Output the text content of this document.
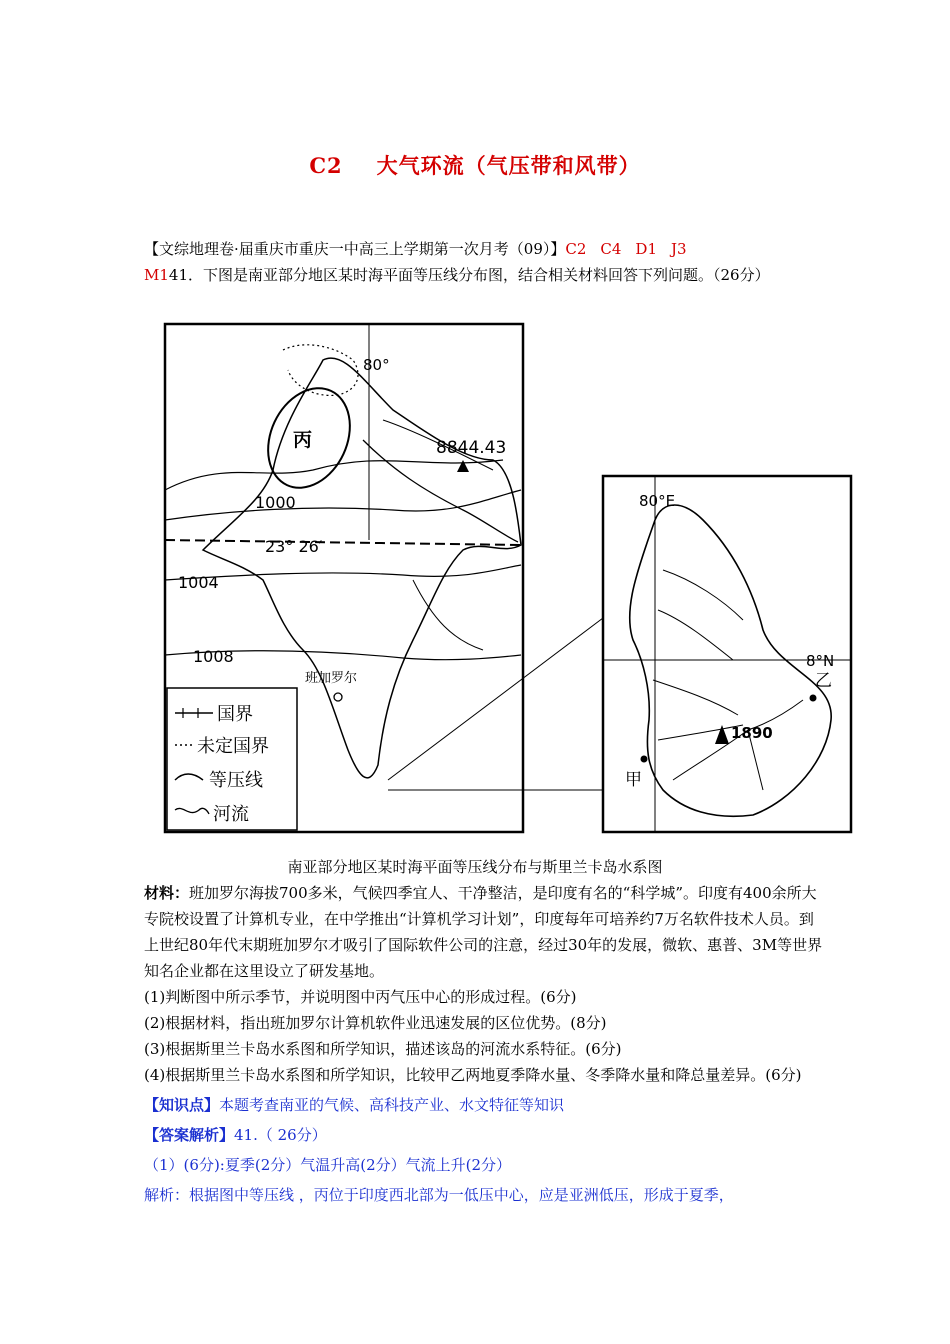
C2 大气环流（气压带和风带）
【文综地理卷·届重庆市重庆一中高三上学期第一次月考（09）】C2 C4 D1 J3
M141．下图是南亚部分地区某时海平面等压线分布图，结合相关材料回答下列问题。（26分）
80°
8844.43
丙
1000
23° 26′
1004
1008
班加罗尔
国界
未定国界
等压线
河流
80°E
8°N
1890
甲
乙
南亚部分地区某时海平面等压线分布与斯里兰卡岛水系图

材料：班加罗尔海拔700多米，气候四季宜人、干净整洁，是印度有名的“科学城”。印度有400余所大专院校设置了计算机专业，在中学推出“计算机学习计划”，印度每年可培养约7万名软件技术人员。到上世纪80年代末期班加罗尔才吸引了国际软件公司的注意，经过30年的发展，微软、惠普、3M等世界知名企业都在这里设立了研发基地。

(1)判断图中所示季节，并说明图中丙气压中心的形成过程。(6分)

(2)根据材料，指出班加罗尔计算机软件业迅速发展的区位优势。(8分)

(3)根据斯里兰卡岛水系图和所学知识，描述该岛的河流水系特征。(6分)

(4)根据斯里兰卡岛水系图和所学知识，比较甲乙两地夏季降水量、冬季降水量和降总量差异。(6分)

【知识点】本题考查南亚的气候、高科技产业、水文特征等知识

【答案解析】41.（ 26分）

（1）(6分):夏季(2分）气温升高(2分）气流上升(2分）

解析：根据图中等压线 ，丙位于印度西北部为一低压中心，应是亚洲低压，形成于夏季，
